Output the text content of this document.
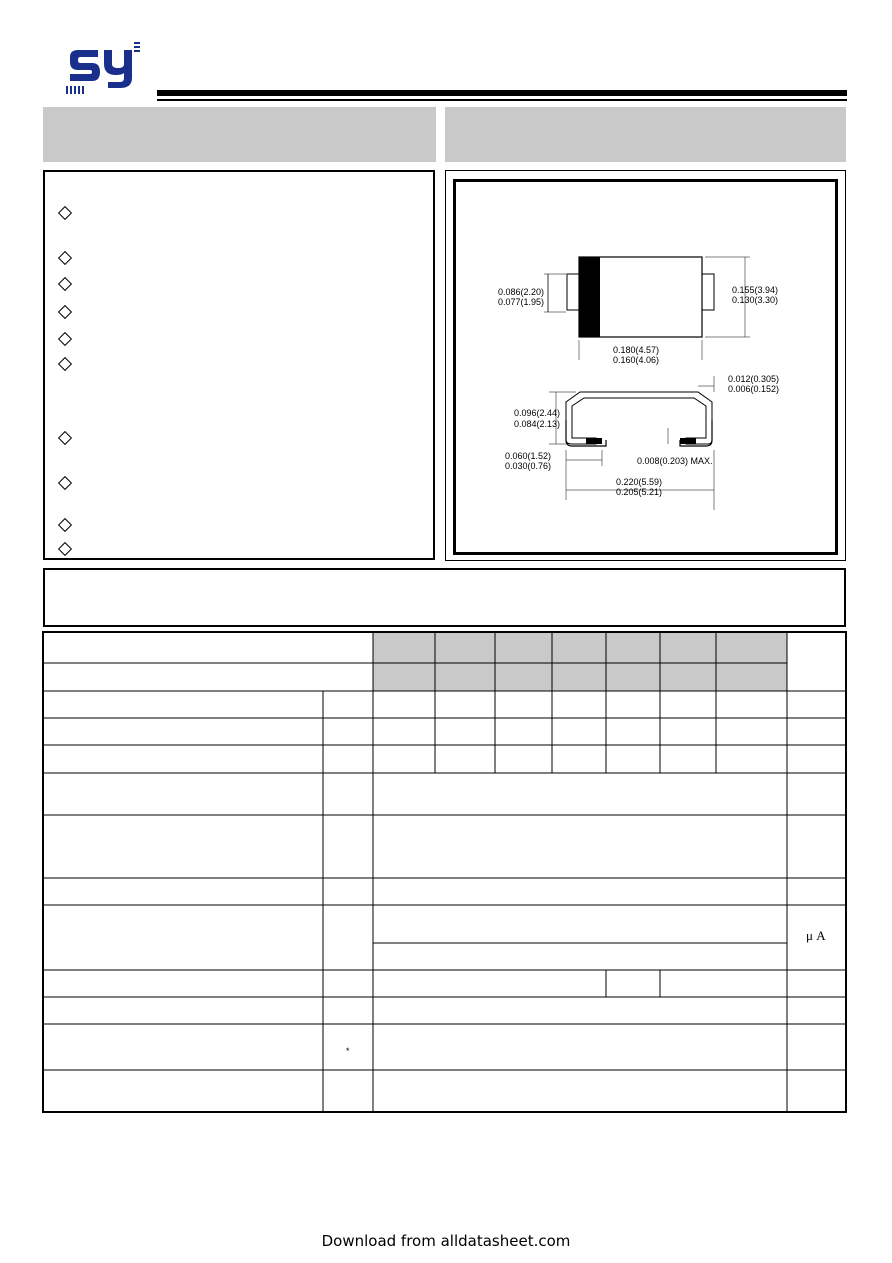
0.086(2.20)
0.077(1.95)
0.155(3.94)
0.130(3.30)
0.180(4.57)
0.160(4.06)
0.012(0.305)
0.006(0.152)
0.096(2.44)
0.084(2.13)
0.060(1.52)
0.030(0.76)	0.008(0.203) MAX.
0.220(5.59)
0.205(5.21)
μ A
*
Download from alldatasheet.com
